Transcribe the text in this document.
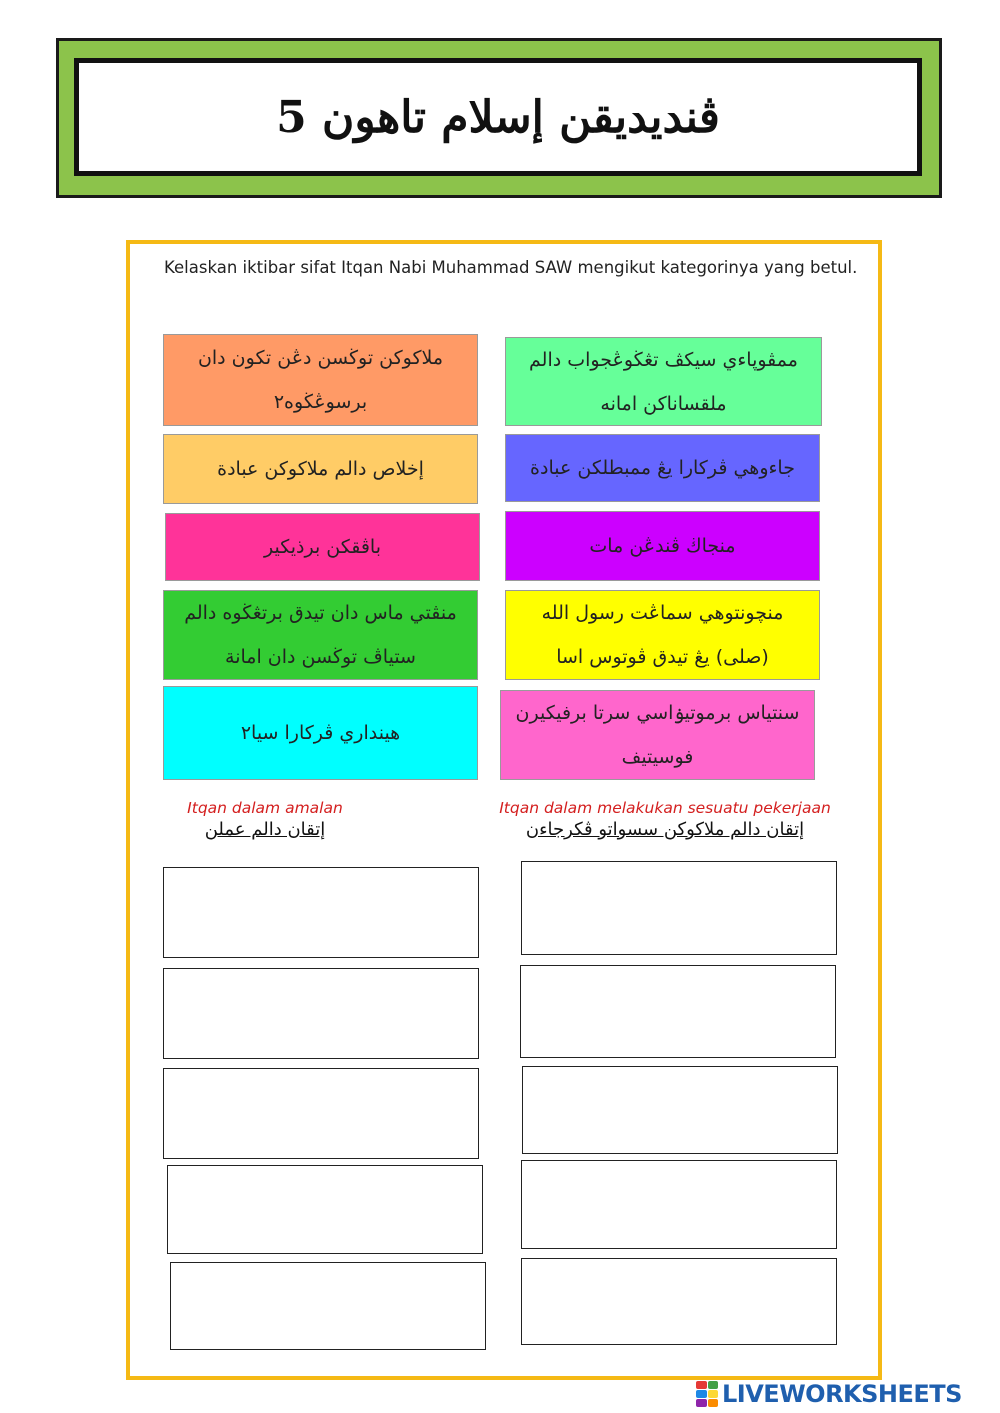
ڤنديديقن إسلام تاهون 5
Kelaskan iktibar sifat Itqan Nabi Muhammad SAW mengikut kategorinya yang betul.
ملاكوكن توڬسن دڠن تكون دان برسوڠڬوه٢
ممڤوڽاءي سيكڤ تڠڬوڠجواب دالم ملقساناكن امانه
إخلاص دالم ملاكوكن عبادة	جاءوهي ڤركارا يڠ ممبطلكن عبادة
باڤقكن برذيكير	منجاڬ ڤندڠن مات
منڤتي ماس دان تيدق برتڠڬوه دالم ستياڤ توڬسن دان امانة
منچونتوهي سماڠت رسول الله (صلى) يڠ تيدق ڤوتوس اسا
هينداري ڤركارا سيا٢
سنتياس برموتيۏاسي سرتا برفيكيرن فوسيتيف
Itqan dalam amalan
إتقان دالم عملن
Itqan dalam melakukan sesuatu pekerjaan
إتقان دالم ملاكوكن سسواتو ڤكرجاءن
LIVEWORKSHEETS
